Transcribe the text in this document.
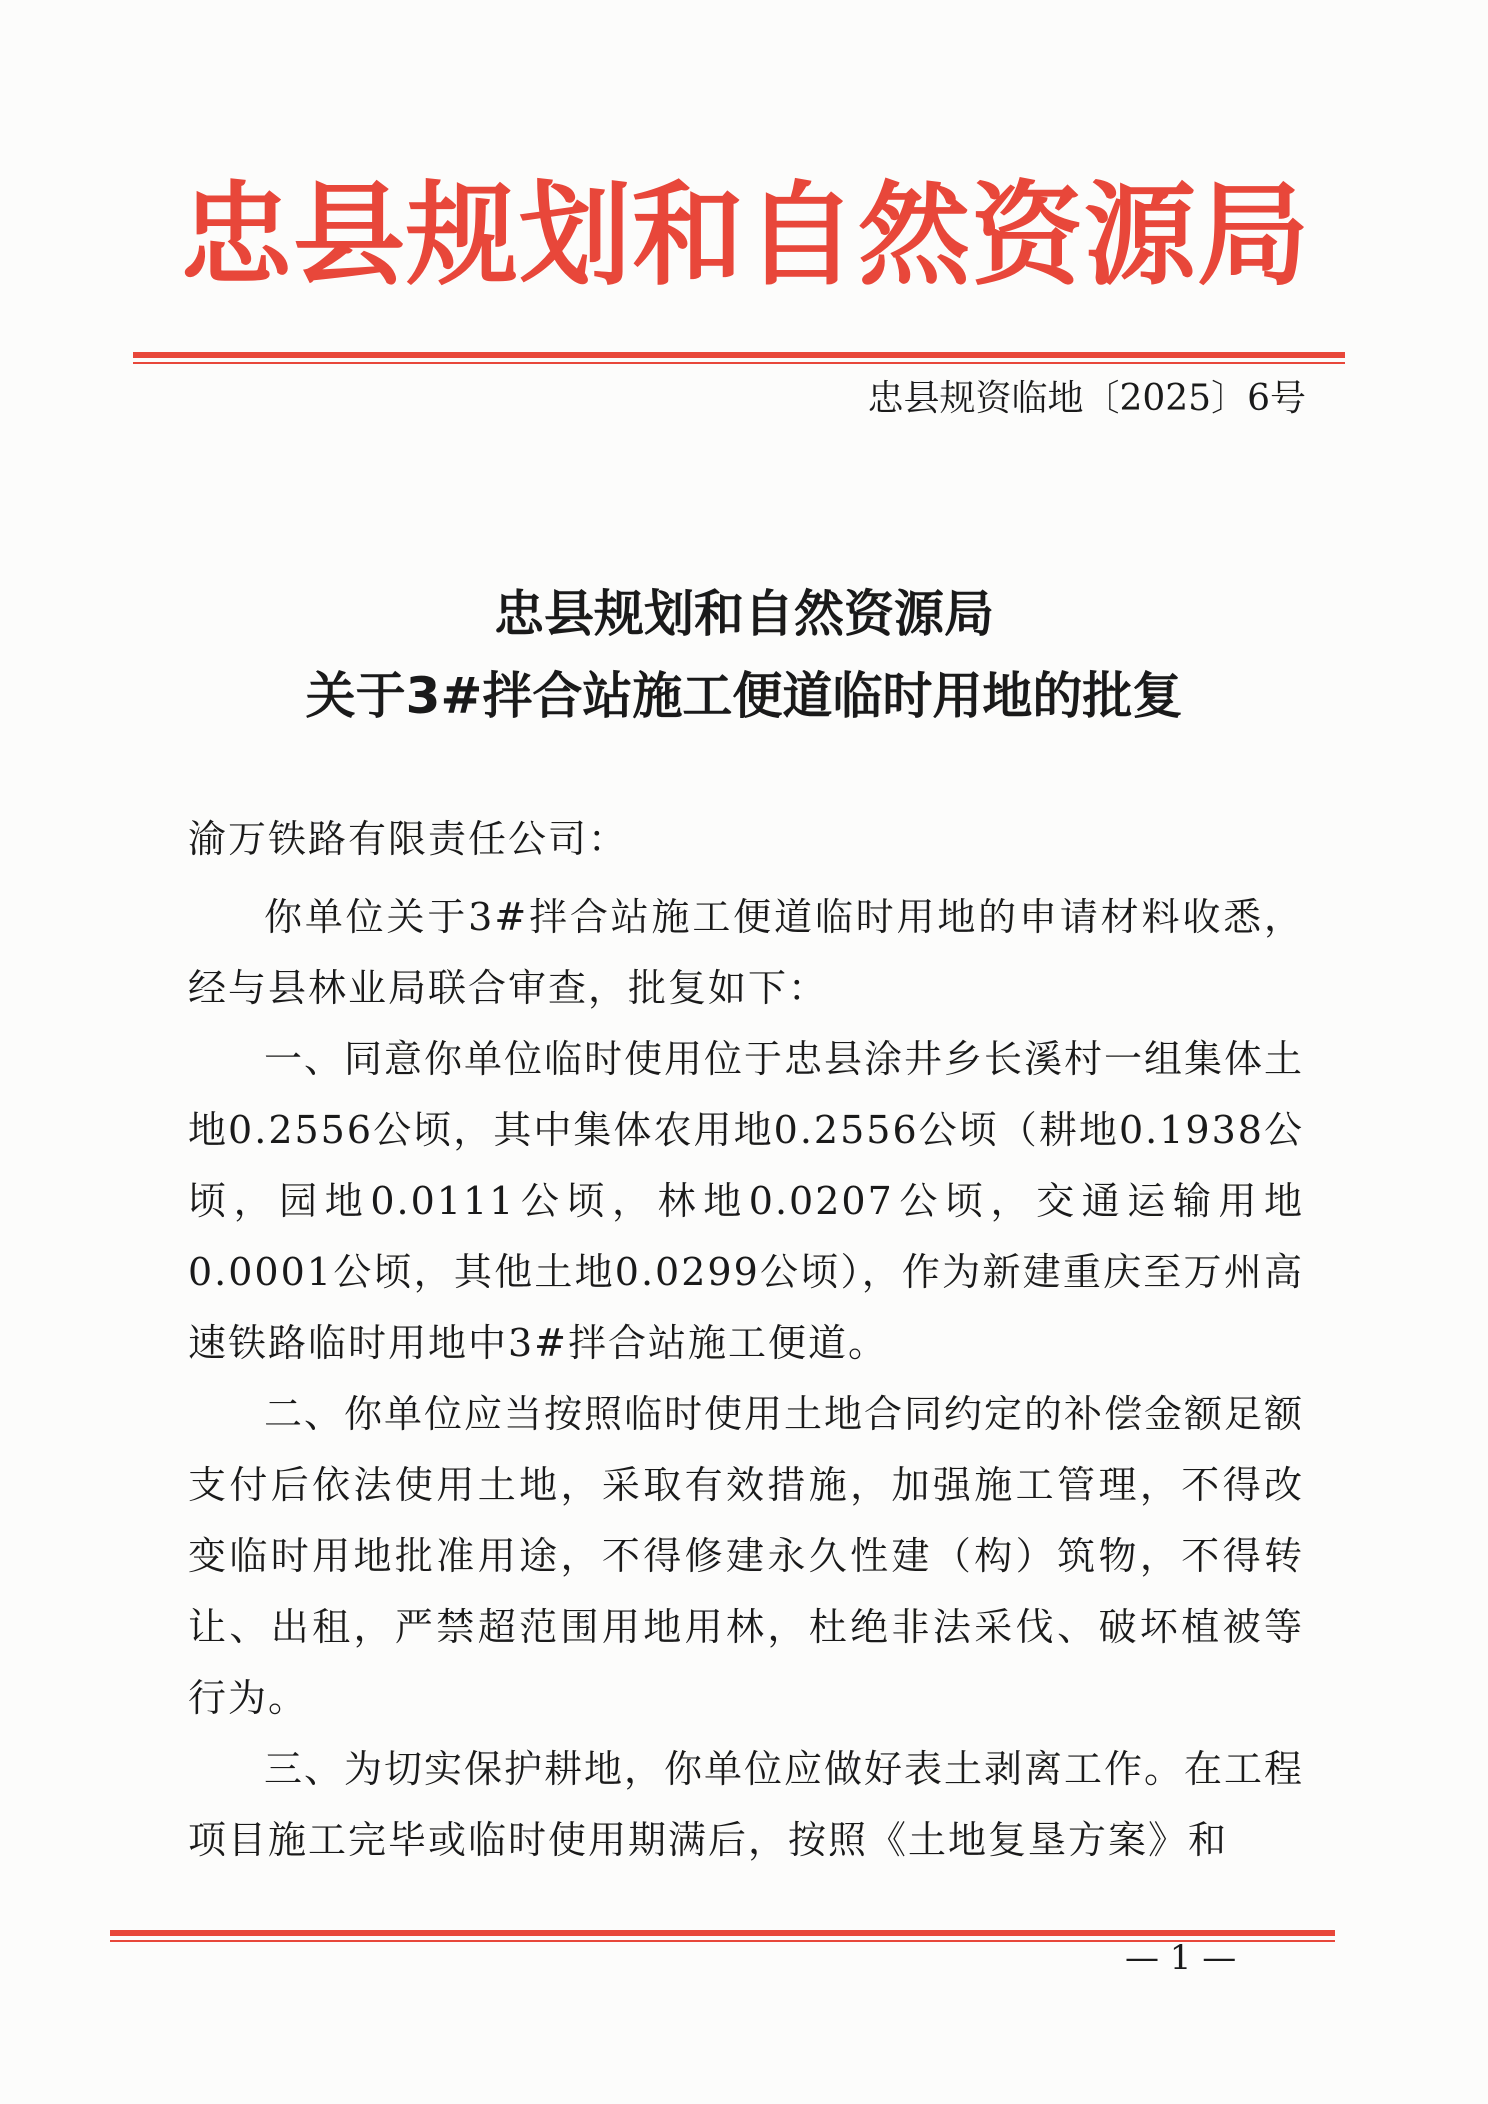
忠县规划和自然资源局
忠县规资临地〔2025〕6号
忠县规划和自然资源局
关于3#拌合站施工便道临时用地的批复
渝万铁路有限责任公司：

你单位关于3#拌合站施工便道临时用地的申请材料收悉，经与县林业局联合审查，批复如下：

一、同意你单位临时使用位于忠县涂井乡长溪村一组集体土地0.2556公顷，其中集体农用地0.2556公顷（耕地0.1938公顷，园地0.0111公顷，林地0.0207公顷，交通运输用地0.0001公顷，其他土地0.0299公顷），作为新建重庆至万州高速铁路临时用地中3#拌合站施工便道。

二、你单位应当按照临时使用土地合同约定的补偿金额足额支付后依法使用土地，采取有效措施，加强施工管理，不得改变临时用地批准用途，不得修建永久性建（构）筑物，不得转让、出租，严禁超范围用地用林，杜绝非法采伐、破坏植被等行为。

三、为切实保护耕地，你单位应做好表土剥离工作。在工程项目施工完毕或临时使用期满后，按照《土地复垦方案》和

— 1 —
